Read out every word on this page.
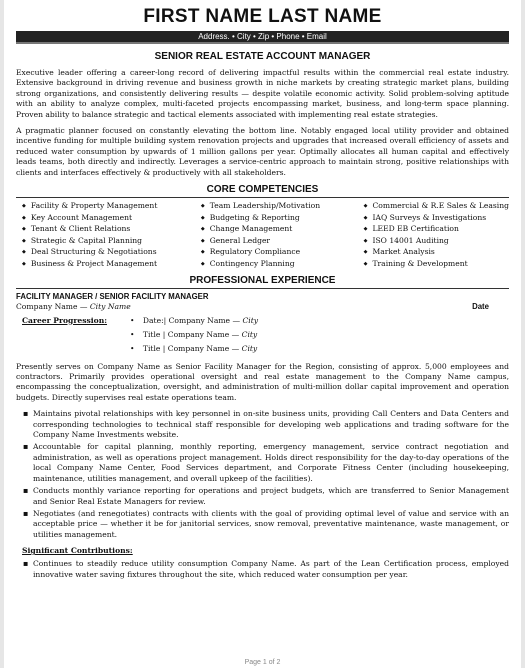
FIRST NAME LAST NAME
Address. • City • Zip • Phone • Email
SENIOR REAL ESTATE ACCOUNT MANAGER

Executive leader offering a career-long record of delivering impactful results within the commercial real estate industry. Extensive background in driving revenue and business growth in niche markets by creating strategic market plans, building strong organizations, and consistently delivering results — despite volatile economic activity. Solid problem-solving aptitude with an ability to analyze complex, multi-faceted projects encompassing market, business, and long-term space planning. Proven ability to balance strategic and tactical elements associated with implementing real estate strategies.

A pragmatic planner focused on constantly elevating the bottom line. Notably engaged local utility provider and obtained incentive funding for multiple building system renovation projects and upgrades that increased overall efficiency of assets and reduced water consumption by upwards of 1 million gallons per year. Optimally allocates all human capital and effectively leads teams, both directly and indirectly. Leverages a service-centric approach to maintain strong, positive relationships with clients and interfaces effectively & productively with all stakeholders.

CORE COMPETENCIES
◆ Facility & Property Management
◆ Key Account Management
◆ Tenant & Client Relations
◆ Strategic & Capital Planning
◆ Deal Structuring & Negotiations
◆ Business & Project Management
◆ Team Leadership/Motivation
◆ Budgeting & Reporting
◆ Change Management
◆ General Ledger
◆ Regulatory Compliance
◆ Contingency Planning
◆ Commercial & R.E Sales & Leasing
◆ IAQ Surveys & Investigations
◆ LEED EB Certification
◆ ISO 14001 Auditing
◆ Market Analysis
◆ Training & Development
PROFESSIONAL EXPERIENCE
FACILITY MANAGER / SENIOR FACILITY MANAGER
Company Name — City Name	Date
Career Progression:
•	Date:| Company Name — City
• Title | Company Name — City
• Title | Company Name — City

Presently serves on Company Name as Senior Facility Manager for the Region, consisting of approx. 5,000 employees and contractors. Primarily provides operational oversight and real estate management to the Company Name campus, encompassing the conceptualization, oversight, and administration of multi-million dollar capital improvement and operation budgets. Directly supervises real estate operations team.

▪ Maintains pivotal relationships with key personnel in on-site business units, providing Call Centers and Data Centers and corresponding technologies to technical staff responsible for developing web applications and trading software for the Company Name Investments website.
▪ Accountable for capital planning, monthly reporting, emergency management, service contract negotiation and administration, as well as operations project management. Holds direct responsibility for the day-to-day operations of the local Company Name Center, Food Services department, and Corporate Fitness Center (including housekeeping, maintenance, utilities management, and overall upkeep of the facilities).
▪ Conducts monthly variance reporting for operations and project budgets, which are transferred to Senior Management and Senior Real Estate Managers for review.
▪ Negotiates (and renegotiates) contracts with clients with the goal of providing optimal level of value and service with an acceptable price — whether it be for janitorial services, snow removal, preventative maintenance, waste management, or utilities management.
Significant Contributions:
▪ Continues to steadily reduce utility consumption Company Name. As part of the Lean Certification process, employed innovative water saving fixtures throughout the site, which reduced water consumption per year.
Page 1 of 2
